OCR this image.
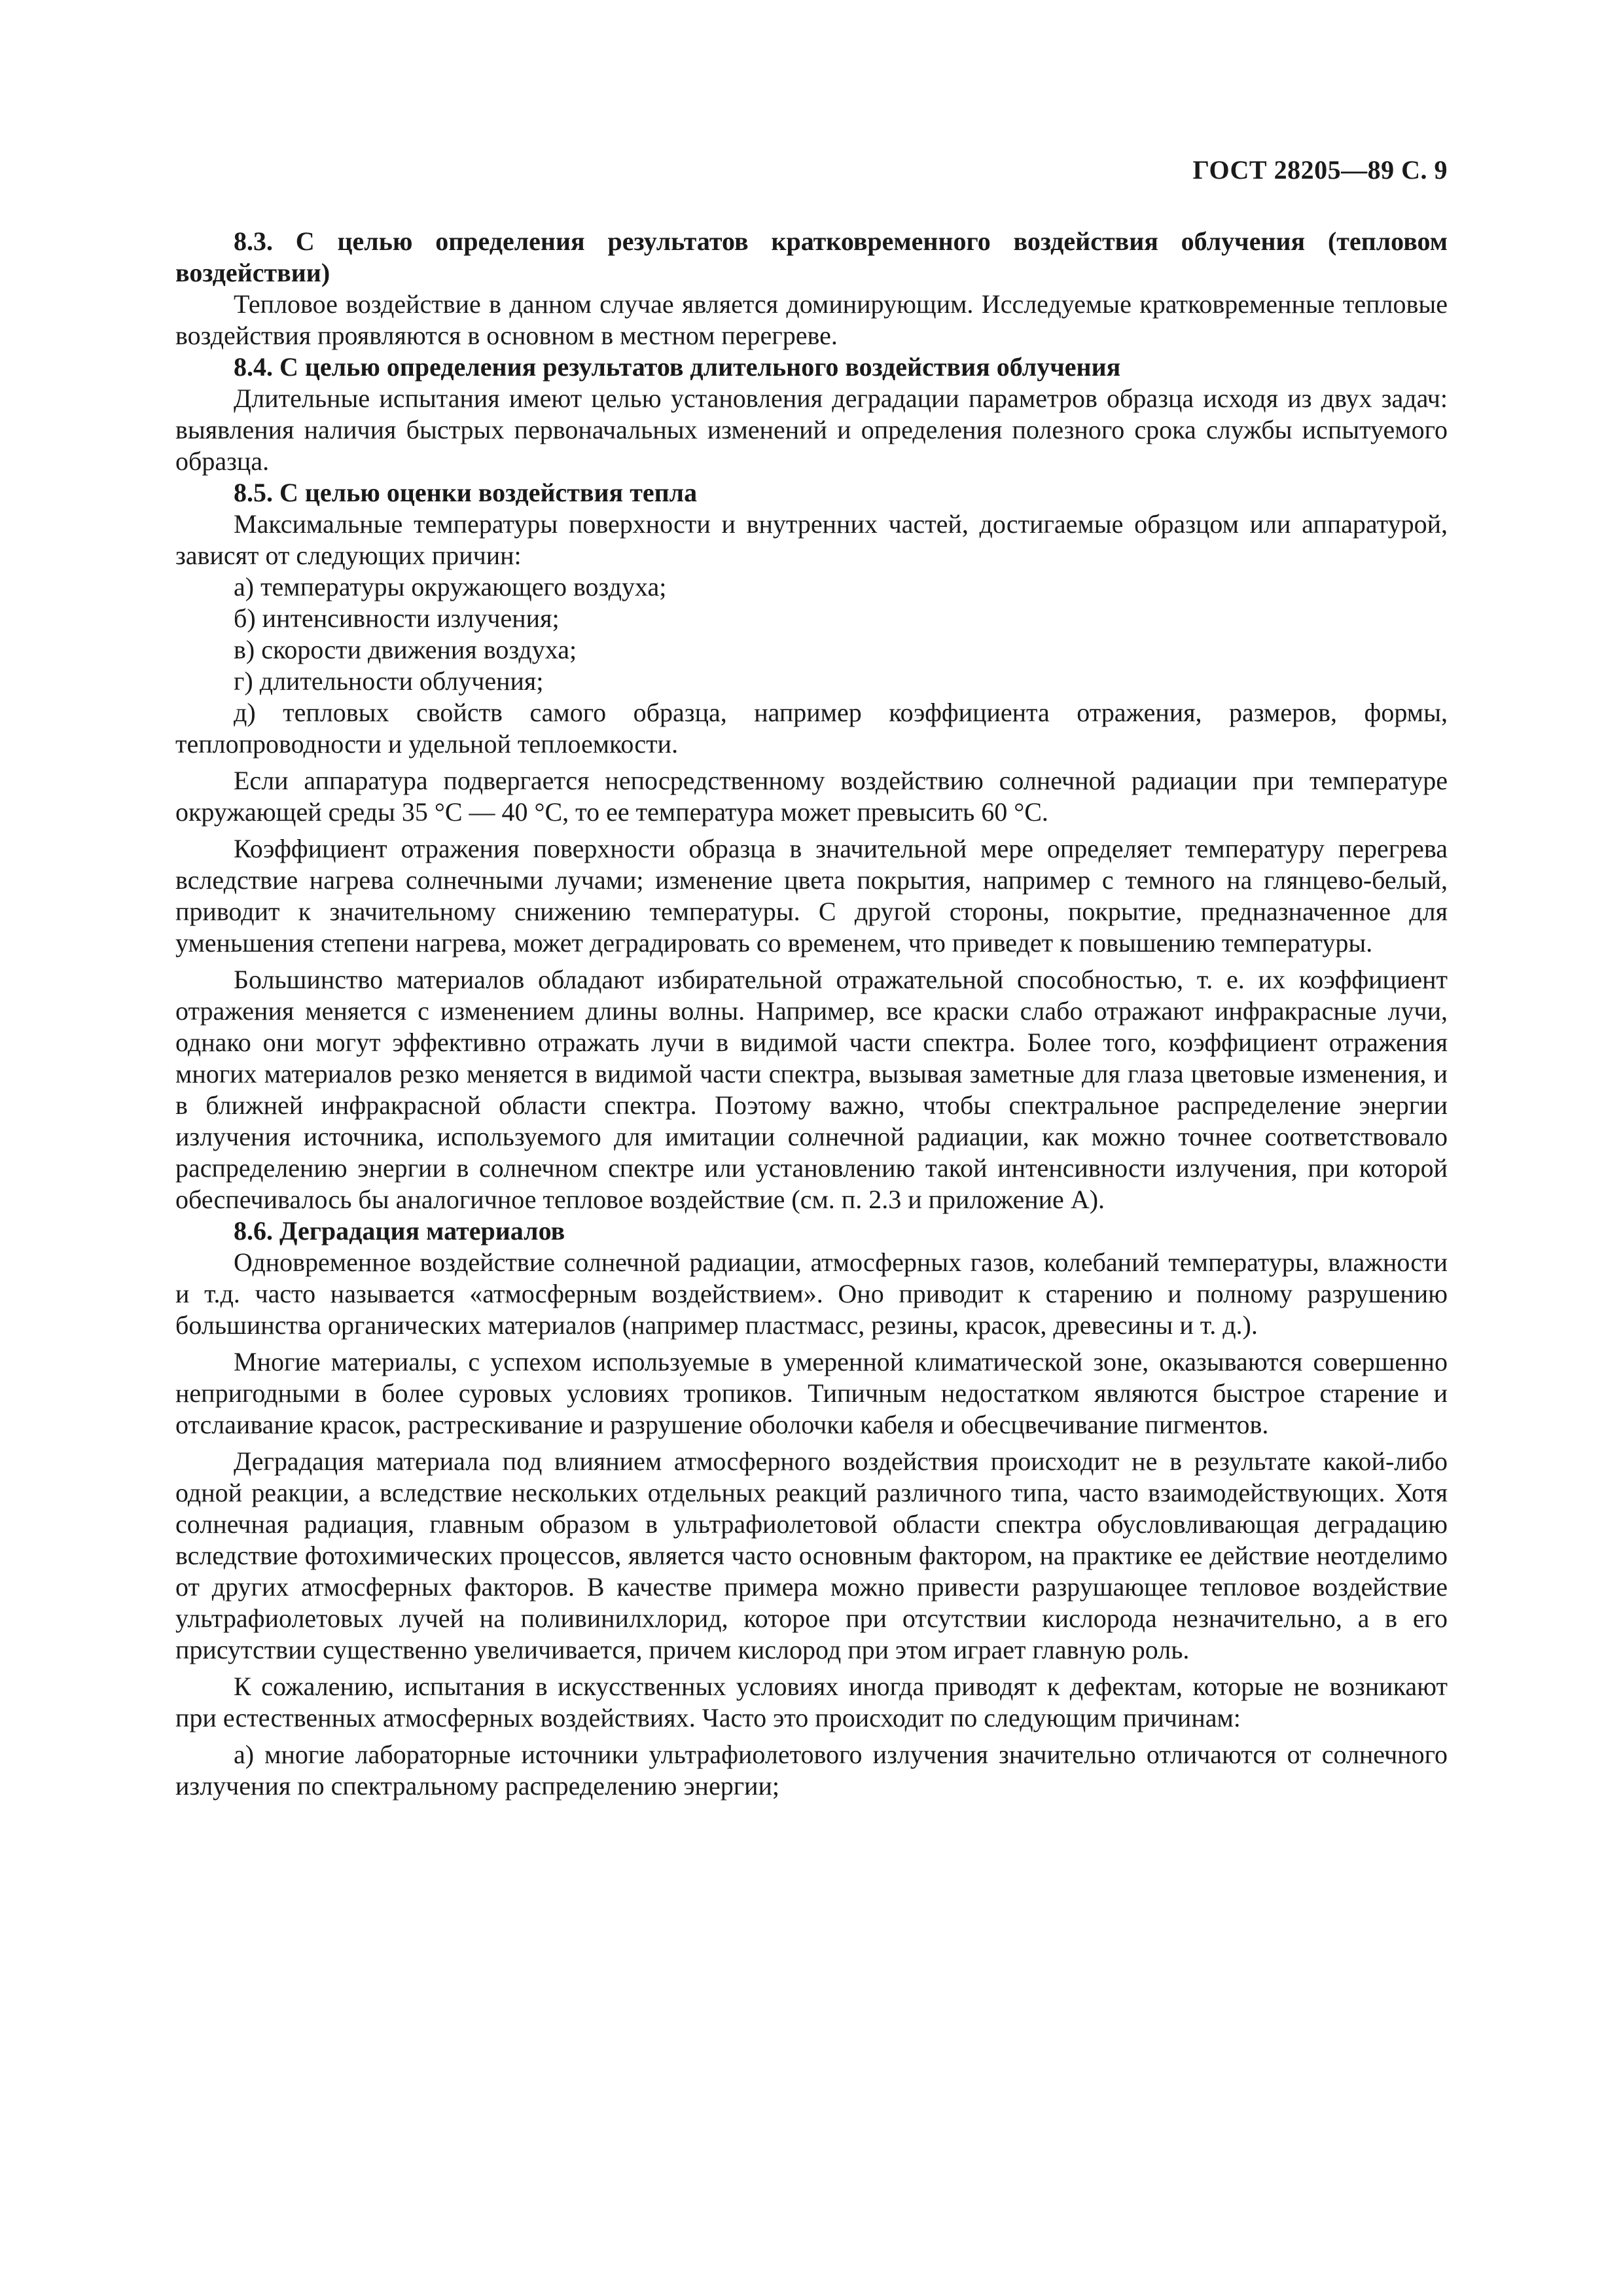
ГОСТ 28205—89 С. 9
8.3. С целью определения результатов кратковременного воздействия облучения (тепловом воздействии)

Тепловое воздействие в данном случае является доминирующим. Исследуемые кратковременные тепловые воздействия проявляются в основном в местном перегреве.

8.4. С целью определения результатов длительного воздействия облучения

Длительные испытания имеют целью установления деградации параметров образца исходя из двух задач: выявления наличия быстрых первоначальных изменений и определения полезного срока службы испытуемого образца.

8.5. С целью оценки воздействия тепла

Максимальные температуры поверхности и внутренних частей, достигаемые образцом или аппаратурой, зависят от следующих причин:

а) температуры окружающего воздуха;

б) интенсивности излучения;

в) скорости движения воздуха;

г) длительности облучения;

д) тепловых свойств самого образца, например коэффициента отражения, размеров, формы, теплопроводности и удельной теплоемкости.

Если аппаратура подвергается непосредственному воздействию солнечной радиации при температуре окружающей среды 35 °С — 40 °С, то ее температура может превысить 60 °С.

Коэффициент отражения поверхности образца в значительной мере определяет температуру перегрева вследствие нагрева солнечными лучами; изменение цвета покрытия, например с темного на глянцево-белый, приводит к значительному снижению температуры. С другой стороны, покрытие, предназначенное для уменьшения степени нагрева, может деградировать со временем, что приведет к повышению температуры.

Большинство материалов обладают избирательной отражательной способностью, т. е. их коэффициент отражения меняется с изменением длины волны. Например, все краски слабо отражают инфракрасные лучи, однако они могут эффективно отражать лучи в видимой части спектра. Более того, коэффициент отражения многих материалов резко меняется в видимой части спектра, вызывая заметные для глаза цветовые изменения, и в ближней инфракрасной области спектра. Поэтому важно, чтобы спектральное распределение энергии излучения источника, используемого для имитации солнечной радиации, как можно точнее соответствовало распределению энергии в солнечном спектре или установлению такой интенсивности излучения, при которой обеспечивалось бы аналогичное тепловое воздействие (см. п. 2.3 и приложение А).

8.6. Деградация материалов

Одновременное воздействие солнечной радиации, атмосферных газов, колебаний температуры, влажности и т.д. часто называется «атмосферным воздействием». Оно приводит к старению и полному разрушению большинства органических материалов (например пластмасс, резины, красок, древесины и т. д.).

Многие материалы, с успехом используемые в умеренной климатической зоне, оказываются совершенно непригодными в более суровых условиях тропиков. Типичным недостатком являются быстрое старение и отслаивание красок, растрескивание и разрушение оболочки кабеля и обесцвечивание пигментов.

Деградация материала под влиянием атмосферного воздействия происходит не в результате какой-либо одной реакции, а вследствие нескольких отдельных реакций различного типа, часто взаимодействующих. Хотя солнечная радиация, главным образом в ультрафиолетовой области спектра обусловливающая деградацию вследствие фотохимических процессов, является часто основным фактором, на практике ее действие неотделимо от других атмосферных факторов. В качестве примера можно привести разрушающее тепловое воздействие ультрафиолетовых лучей на поливинилхлорид, которое при отсутствии кислорода незначительно, а в его присутствии существенно увеличивается, причем кислород при этом играет главную роль.

К сожалению, испытания в искусственных условиях иногда приводят к дефектам, которые не возникают при естественных атмосферных воздействиях. Часто это происходит по следующим причинам:

а) многие лабораторные источники ультрафиолетового излучения значительно отличаются от солнечного излучения по спектральному распределению энергии;
